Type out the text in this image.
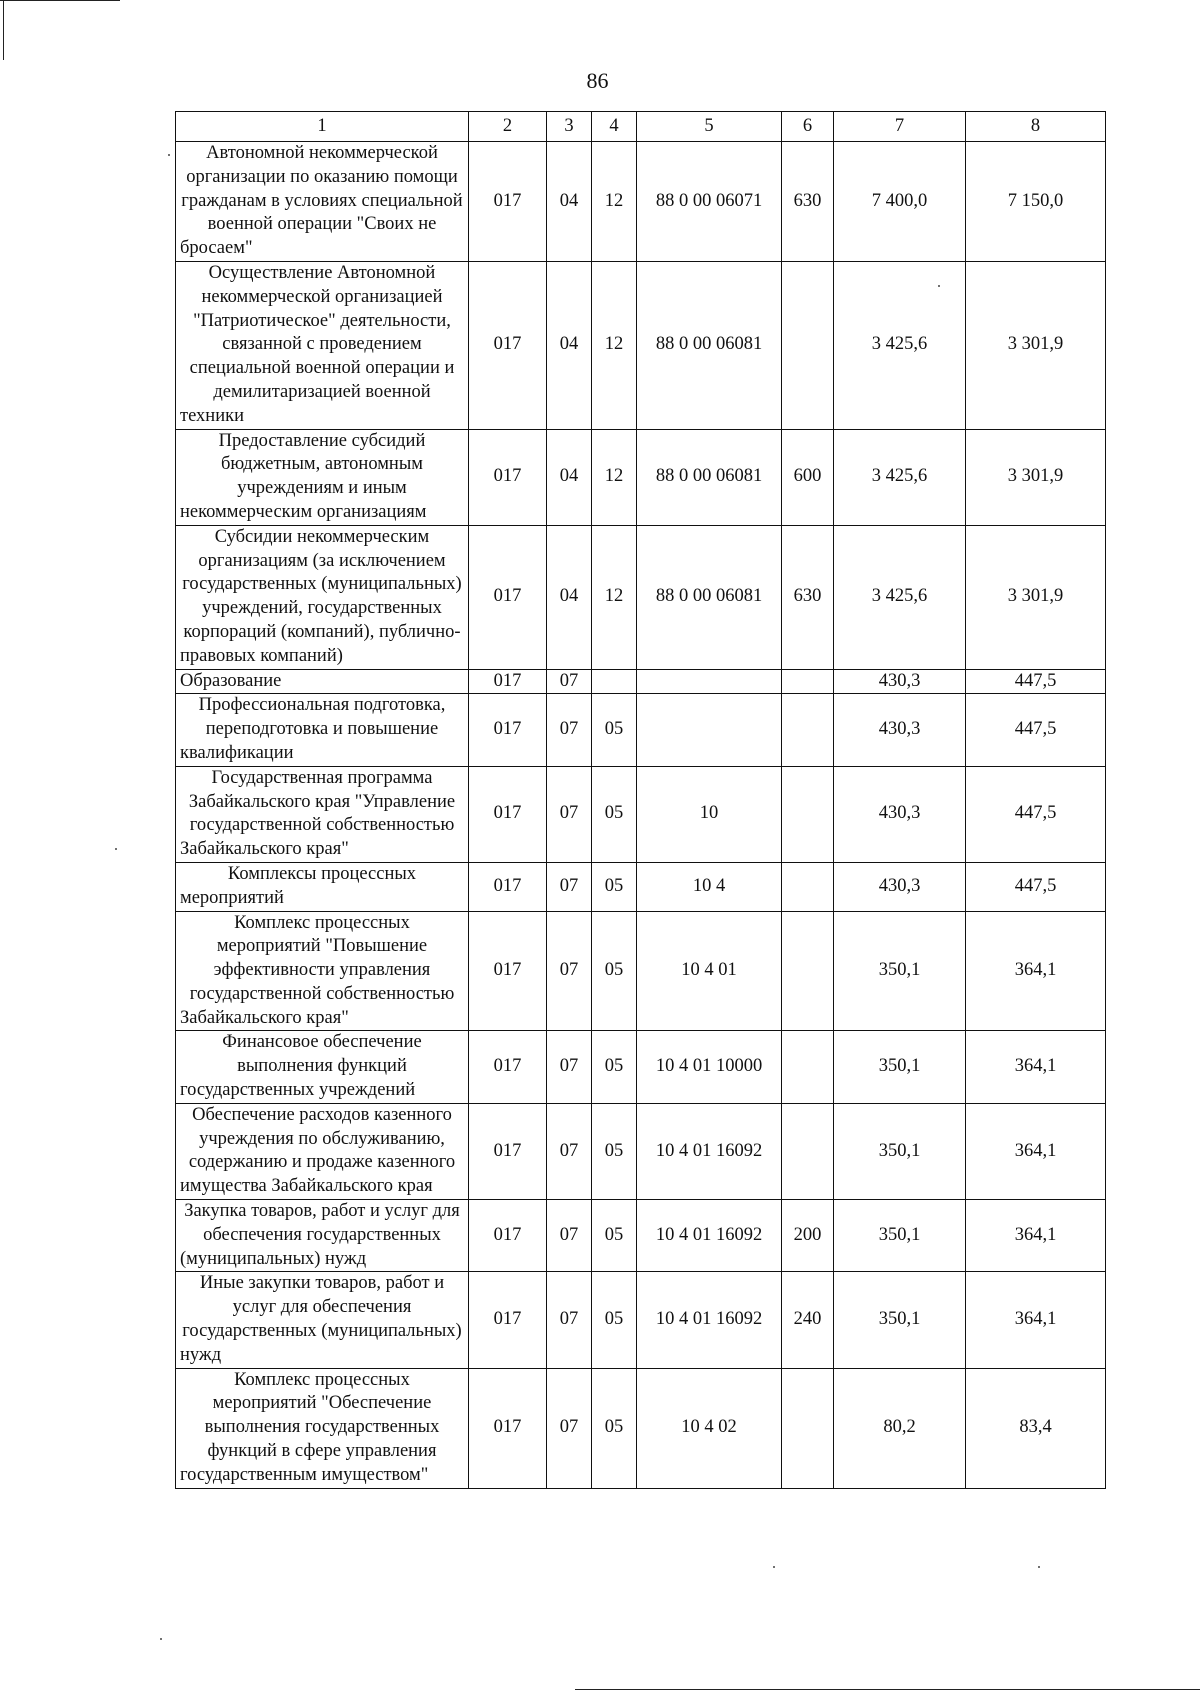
86
1	2	3	4	5	6	7	8
Автономной некоммерческой организации по оказанию помощи гражданам в условиях специальной военной операции "Своих не бросаем"	017	04	12	88 0 00 06071	630	7 400,0	7 150,0
Осуществление Автономной некоммерческой организацией "Патриотическое" деятельности, связанной с проведением специальной военной операции и демилитаризацией военной техники	017	04	12	88 0 00 06081		3 425,6	3 301,9
Предоставление субсидий бюджетным, автономным учреждениям и иным некоммерческим организациям	017	04	12	88 0 00 06081	600	3 425,6	3 301,9
Субсидии некоммерческим организациям (за исключением государственных (муниципальных) учреждений, государственных корпораций (компаний), публично-правовых компаний)	017	04	12	88 0 00 06081	630	3 425,6	3 301,9
Образование	017	07				430,3	447,5
Профессиональная подготовка, переподготовка и повышение квалификации	017	07	05			430,3	447,5
Государственная программа Забайкальского края "Управление государственной собственностью Забайкальского края"	017	07	05	10		430,3	447,5
Комплексы процессных мероприятий	017	07	05	10 4		430,3	447,5
Комплекс процессных мероприятий "Повышение эффективности управления государственной собственностью Забайкальского края"	017	07	05	10 4 01		350,1	364,1
Финансовое обеспечение выполнения функций государственных учреждений	017	07	05	10 4 01 10000		350,1	364,1
Обеспечение расходов казенного учреждения по обслуживанию, содержанию и продаже казенного имущества Забайкальского края	017	07	05	10 4 01 16092		350,1	364,1
Закупка товаров, работ и услуг для обеспечения государственных (муниципальных) нужд	017	07	05	10 4 01 16092	200	350,1	364,1
Иные закупки товаров, работ и услуг для обеспечения государственных (муниципальных) нужд	017	07	05	10 4 01 16092	240	350,1	364,1
Комплекс процессных мероприятий "Обеспечение выполнения государственных функций в сфере управления государственным имуществом"	017	07	05	10 4 02		80,2	83,4
